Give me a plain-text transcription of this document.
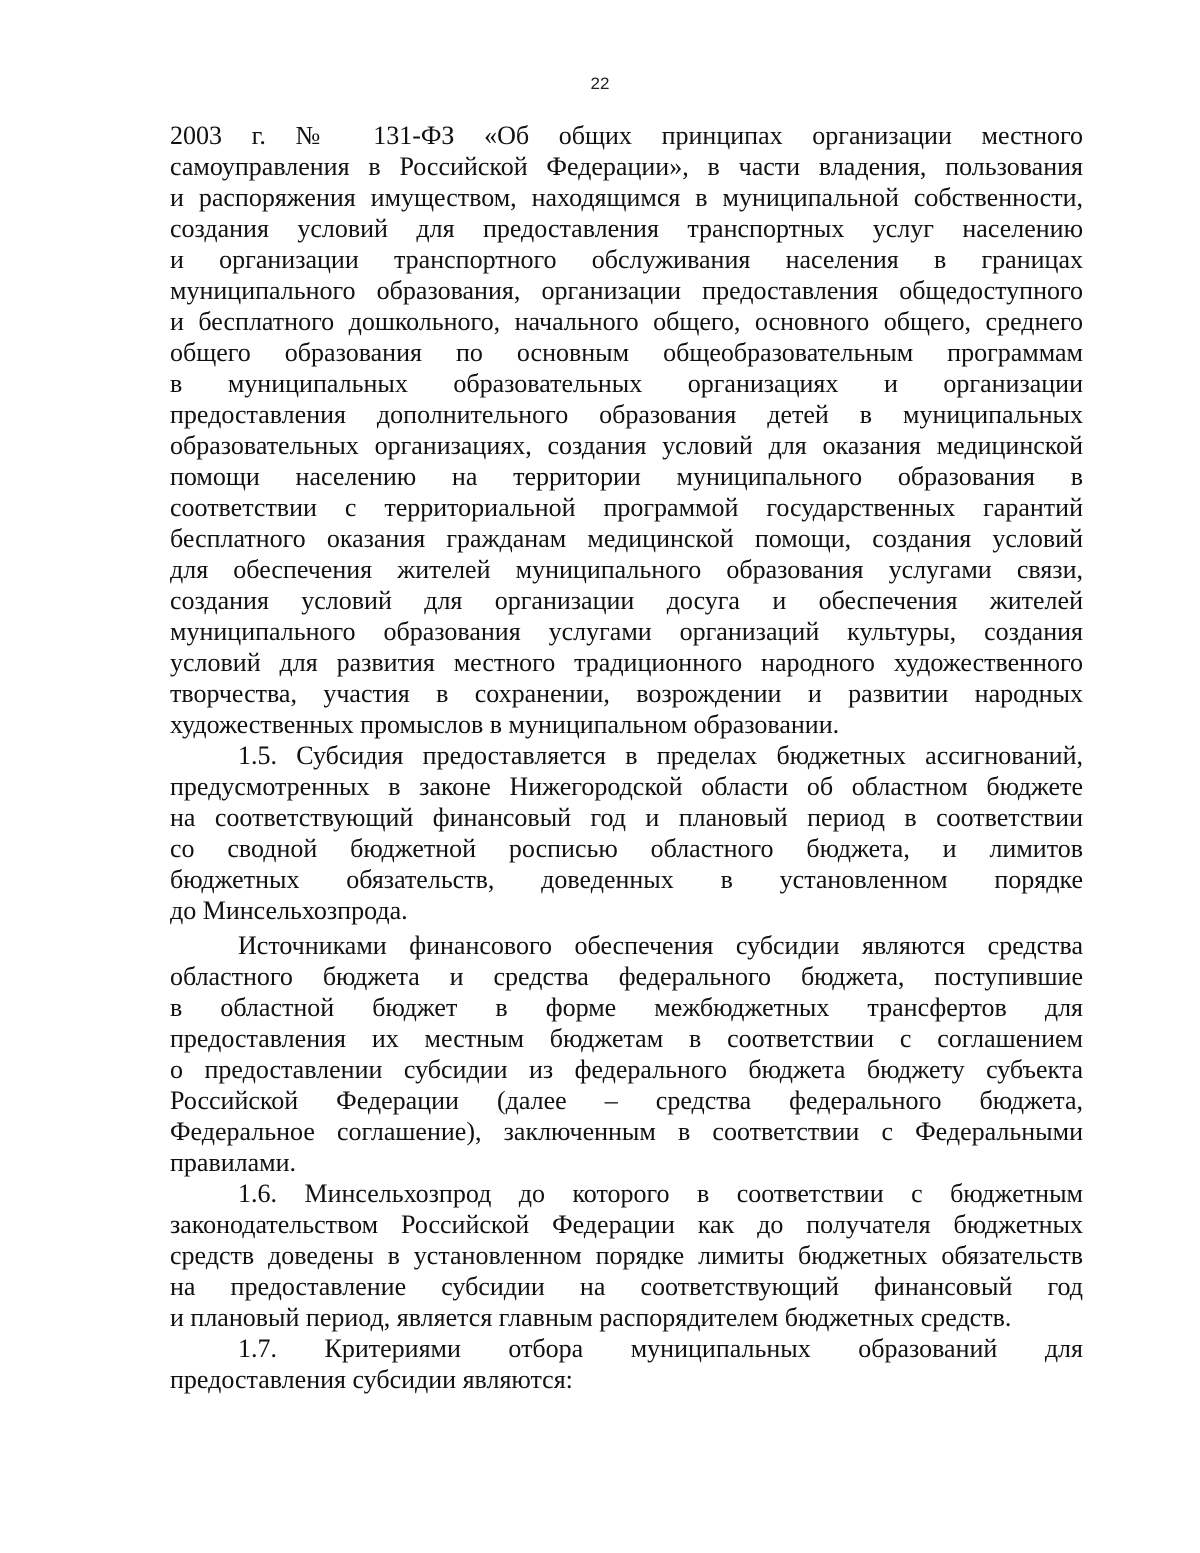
22
2003 г. № 131-ФЗ «Об общих принципах организации местного
самоуправления в Российской Федерации», в части владения, пользования
и распоряжения имуществом, находящимся в муниципальной собственности,
создания условий для предоставления транспортных услуг населению
и организации транспортного обслуживания населения в границах
муниципального образования, организации предоставления общедоступного
и бесплатного дошкольного, начального общего, основного общего, среднего
общего образования по основным общеобразовательным программам
в муниципальных образовательных организациях и организации
предоставления дополнительного образования детей в муниципальных
образовательных организациях, создания условий для оказания медицинской
помощи населению на территории муниципального образования в
соответствии с территориальной программой государственных гарантий
бесплатного оказания гражданам медицинской помощи, создания условий
для обеспечения жителей муниципального образования услугами связи,
создания условий для организации досуга и обеспечения жителей
муниципального образования услугами организаций культуры, создания
условий для развития местного традиционного народного художественного
творчества, участия в сохранении, возрождении и развитии народных
художественных промыслов в муниципальном образовании.
1.5. Субсидия предоставляется в пределах бюджетных ассигнований,
предусмотренных в законе Нижегородской области об областном бюджете
на соответствующий финансовый год и плановый период в соответствии
со сводной бюджетной росписью областного бюджета, и лимитов
бюджетных обязательств, доведенных в установленном порядке
до Минсельхозпрода.
Источниками финансового обеспечения субсидии являются средства
областного бюджета и средства федерального бюджета, поступившие
в областной бюджет в форме межбюджетных трансфертов для
предоставления их местным бюджетам в соответствии с соглашением
о предоставлении субсидии из федерального бюджета бюджету субъекта
Российской Федерации (далее – средства федерального бюджета,
Федеральное соглашение), заключенным в соответствии с Федеральными
правилами.
1.6. Минсельхозпрод до которого в соответствии с бюджетным
законодательством Российской Федерации как до получателя бюджетных
средств доведены в установленном порядке лимиты бюджетных обязательств
на предоставление субсидии на соответствующий финансовый год
и плановый период, является главным распорядителем бюджетных средств.
1.7. Критериями отбора муниципальных образований для
предоставления субсидии являются:
